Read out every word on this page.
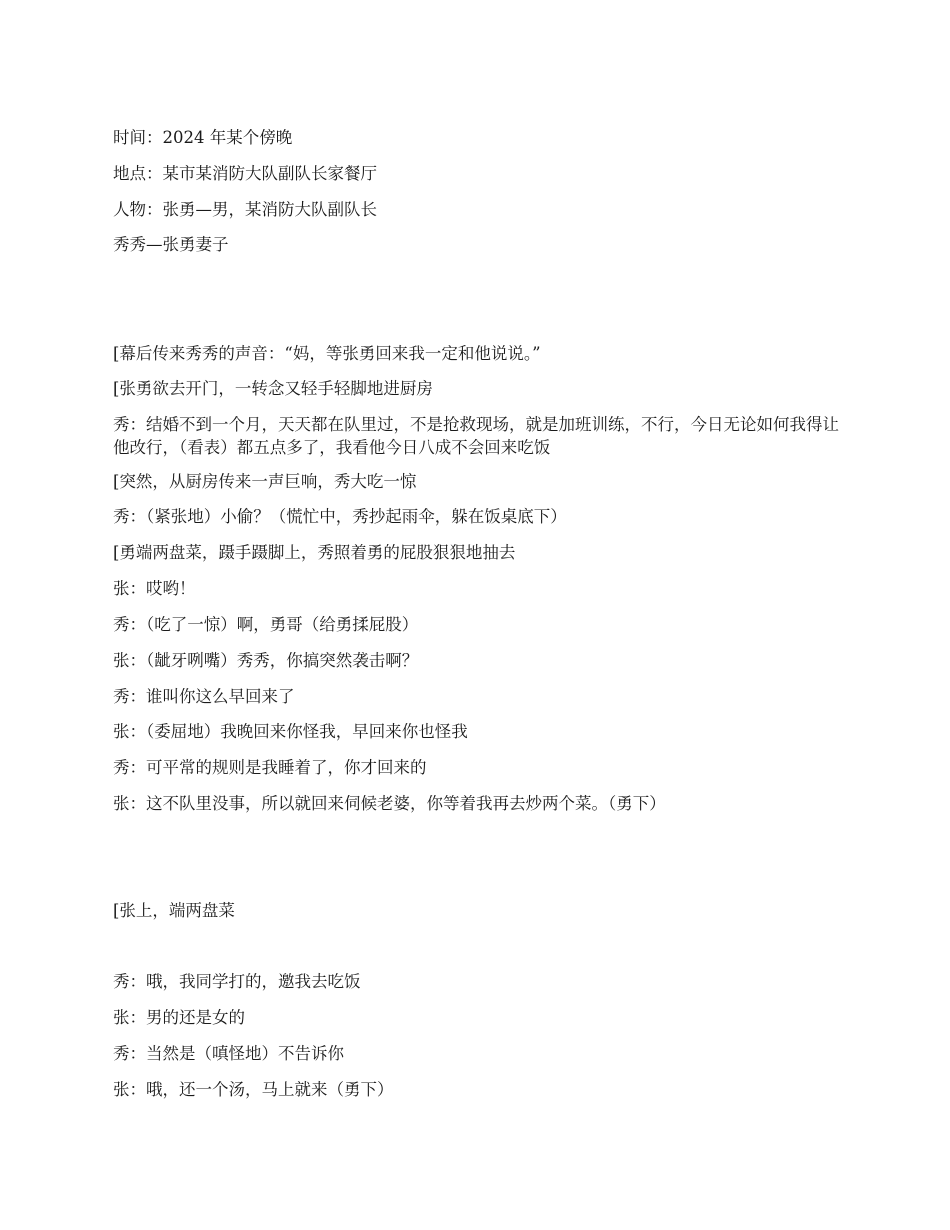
时间：2024 年某个傍晚
地点：某市某消防大队副队长家餐厅
人物：张勇—男，某消防大队副队长
秀秀—张勇妻子
[幕后传来秀秀的声音：“妈，等张勇回来我一定和他说说。”
[张勇欲去开门，一转念又轻手轻脚地进厨房
秀：结婚不到一个月，天天都在队里过，不是抢救现场，就是加班训练，不行，今日无论如何我得让他改行，（看表）都五点多了，我看他今日八成不会回来吃饭
[突然，从厨房传来一声巨响，秀大吃一惊
秀：（紧张地）小偷？（慌忙中，秀抄起雨伞，躲在饭桌底下）
[勇端两盘菜，蹑手蹑脚上，秀照着勇的屁股狠狠地抽去
张：哎哟！
秀：（吃了一惊）啊，勇哥（给勇揉屁股）
张：（龇牙咧嘴）秀秀，你搞突然袭击啊？
秀：谁叫你这么早回来了
张：（委屈地）我晚回来你怪我，早回来你也怪我
秀：可平常的规则是我睡着了，你才回来的
张：这不队里没事，所以就回来伺候老婆，你等着我再去炒两个菜。（勇下）
[张上，端两盘菜
秀：哦，我同学打的，邀我去吃饭
张：男的还是女的
秀：当然是（嗔怪地）不告诉你
张：哦，还一个汤，马上就来（勇下）
